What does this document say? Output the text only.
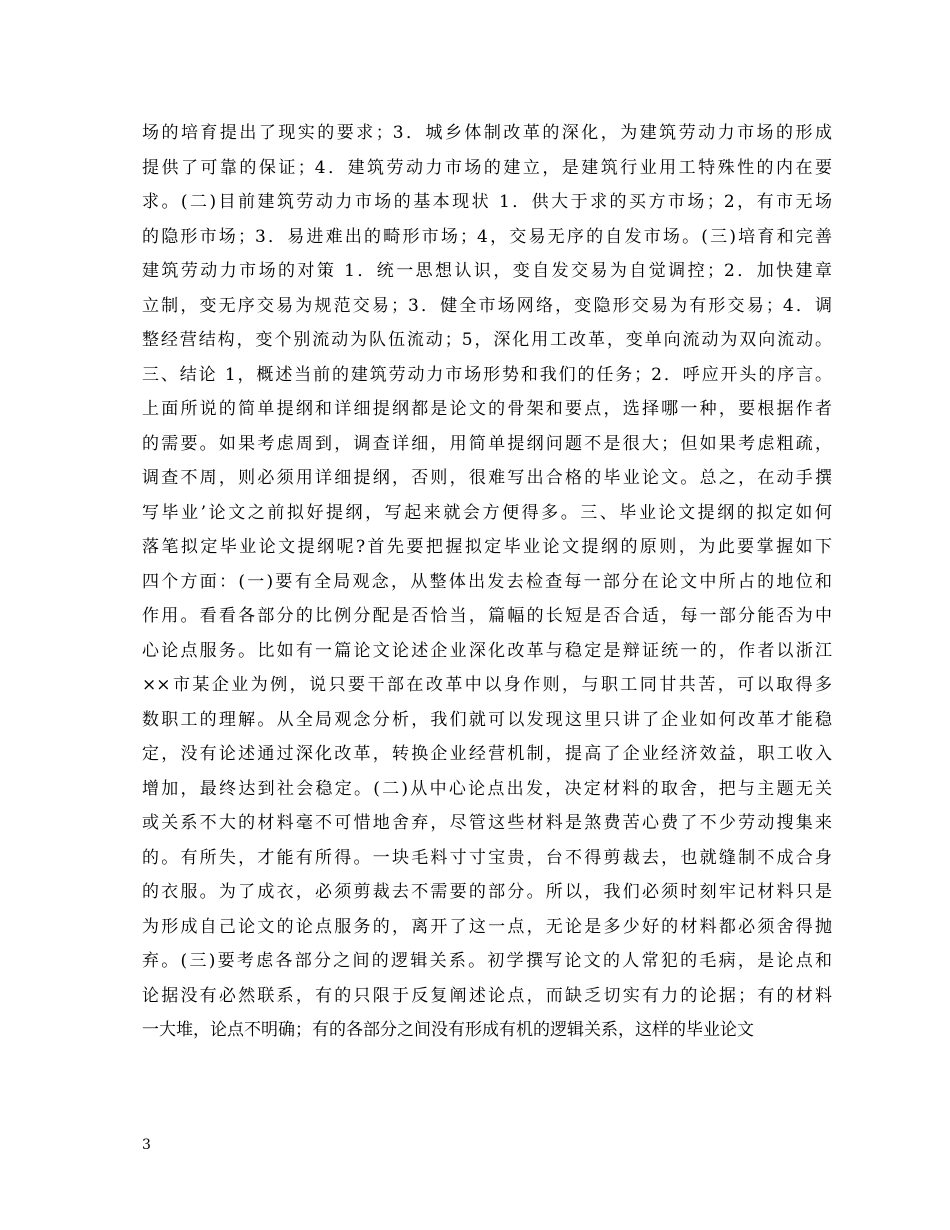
场的培育提出了现实的要求；3．城乡体制改革的深化，为建筑劳动力市场的形成
提供了可靠的保证；4．建筑劳动力市场的建立，是建筑行业用工特殊性的内在要
求。(二)目前建筑劳动力市场的基本现状 1．供大于求的买方市场；2，有市无场
的隐形市场；3．易进难出的畸形市场；4，交易无序的自发市场。(三)培育和完善
建筑劳动力市场的对策 1．统一思想认识，变自发交易为自觉调控；2．加快建章
立制，变无序交易为规范交易；3．健全市场网络，变隐形交易为有形交易；4．调
整经营结构，变个别流动为队伍流动；5，深化用工改革，变单向流动为双向流动。
三、结论 1，概述当前的建筑劳动力市场形势和我们的任务；2．呼应开头的序言。
上面所说的简单提纲和详细提纲都是论文的骨架和要点，选择哪一种，要根据作者
的需要。如果考虑周到，调查详细，用简单提纲问题不是很大；但如果考虑粗疏，
调查不周，则必须用详细提纲，否则，很难写出合格的毕业论文。总之，在动手撰
写毕业’论文之前拟好提纲，写起来就会方便得多。三、毕业论文提纲的拟定如何
落笔拟定毕业论文提纲呢?首先要把握拟定毕业论文提纲的原则，为此要掌握如下
四个方面：(一)要有全局观念，从整体出发去检查每一部分在论文中所占的地位和
作用。看看各部分的比例分配是否恰当，篇幅的长短是否合适，每一部分能否为中
心论点服务。比如有一篇论文论述企业深化改革与稳定是辩证统一的，作者以浙江
××市某企业为例，说只要干部在改革中以身作则，与职工同甘共苦，可以取得多
数职工的理解。从全局观念分析，我们就可以发现这里只讲了企业如何改革才能稳
定，没有论述通过深化改革，转换企业经营机制，提高了企业经济效益，职工收入
增加，最终达到社会稳定。(二)从中心论点出发，决定材料的取舍，把与主题无关
或关系不大的材料毫不可惜地舍弃，尽管这些材料是煞费苦心费了不少劳动搜集来
的。有所失，才能有所得。一块毛料寸寸宝贵，台不得剪裁去，也就缝制不成合身
的衣服。为了成衣，必须剪裁去不需要的部分。所以，我们必须时刻牢记材料只是
为形成自己论文的论点服务的，离开了这一点，无论是多少好的材料都必须舍得抛
弃。(三)要考虑各部分之间的逻辑关系。初学撰写论文的人常犯的毛病，是论点和
论据没有必然联系，有的只限于反复阐述论点，而缺乏切实有力的论据；有的材料
一大堆，论点不明确；有的各部分之间没有形成有机的逻辑关系，这样的毕业论文
3
